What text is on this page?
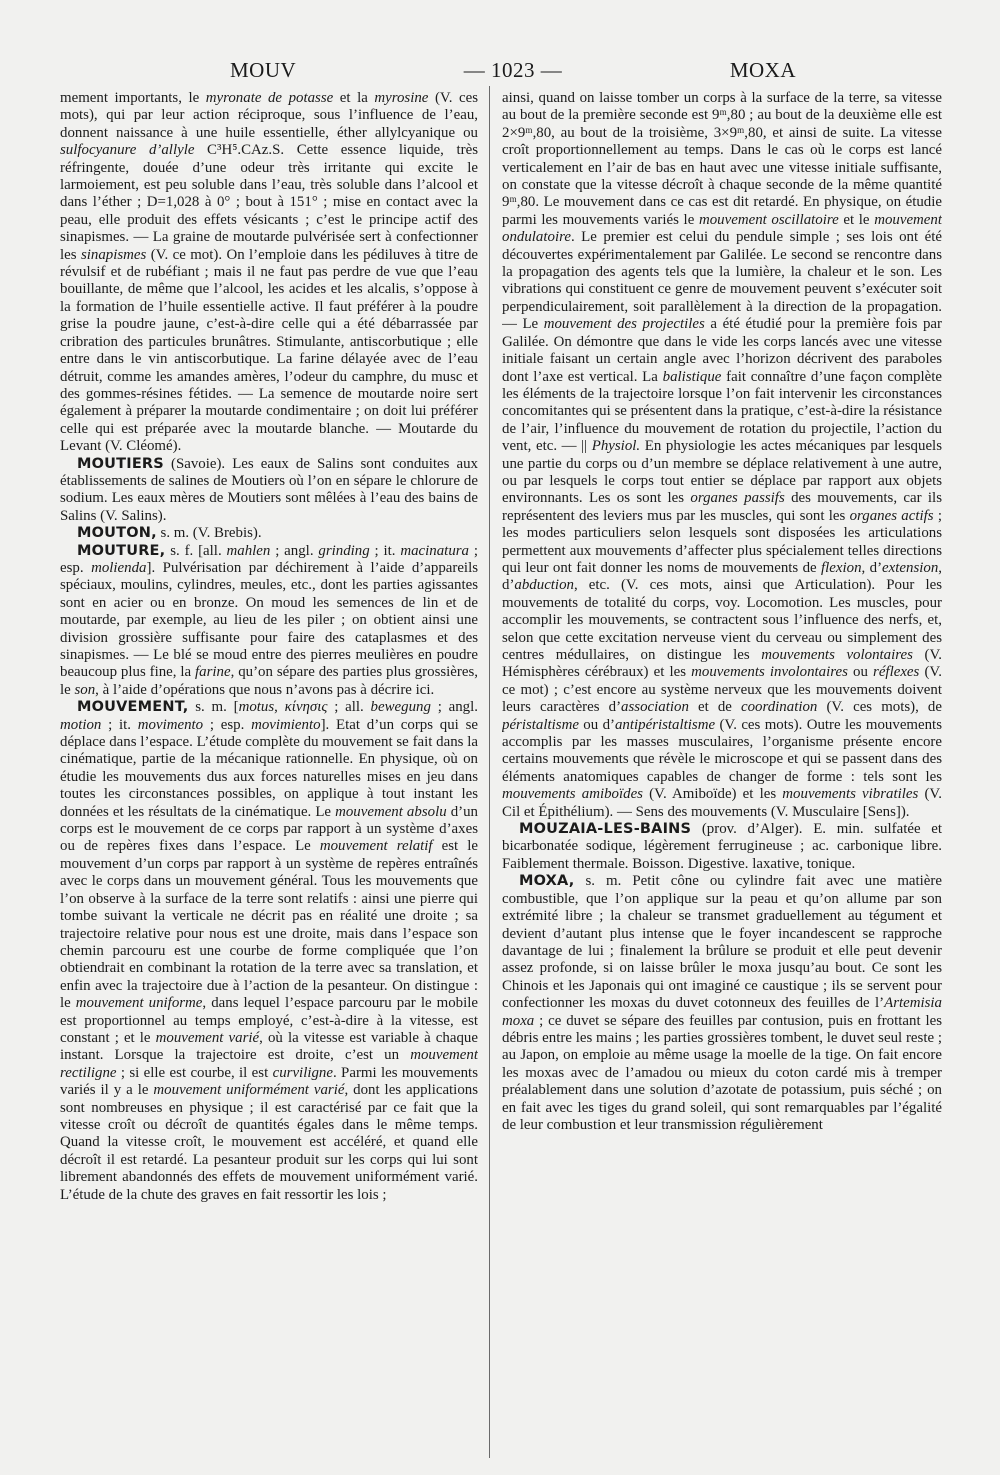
MOUV	— 1023 —	MOXA

mement importants, le myronate de potasse et la myrosine (V. ces mots), qui par leur action réciproque, sous l’influence de l’eau, donnent naissance à une huile essentielle, éther allylcyanique ou sulfocyanure d’allyle C³H⁵.CAz.S. Cette essence liquide, très réfringente, douée d’une odeur très irritante qui excite le larmoiement, est peu soluble dans l’eau, très soluble dans l’alcool et dans l’éther ; D=1,028 à 0° ; bout à 151° ; mise en contact avec la peau, elle produit des effets vésicants ; c’est le principe actif des sinapismes. — La graine de moutarde pulvérisée sert à confectionner les sinapismes (V. ce mot). On l’emploie dans les pédiluves à titre de révulsif et de rubéfiant ; mais il ne faut pas perdre de vue que l’eau bouillante, de même que l’alcool, les acides et les alcalis, s’oppose à la formation de l’huile essentielle active. Il faut préférer à la poudre grise la poudre jaune, c’est-à-dire celle qui a été débarrassée par cribration des particules brunâtres. Stimulante, antiscorbutique ; elle entre dans le vin antiscorbutique. La farine délayée avec de l’eau détruit, comme les amandes amères, l’odeur du camphre, du musc et des gommes-résines fétides. — La semence de moutarde noire sert également à préparer la moutarde condimentaire ; on doit lui préférer celle qui est préparée avec la moutarde blanche. — Moutarde du Levant (V. Cléomé).

MOUTIERS (Savoie). Les eaux de Salins sont conduites aux établissements de salines de Moutiers où l’on en sépare le chlorure de sodium. Les eaux mères de Moutiers sont mêlées à l’eau des bains de Salins (V. Salins).

MOUTON, s. m. (V. Brebis).

MOUTURE, s. f. [all. mahlen ; angl. grinding ; it. macinatura ; esp. molienda]. Pulvérisation par déchirement à l’aide d’appareils spéciaux, moulins, cylindres, meules, etc., dont les parties agissantes sont en acier ou en bronze. On moud les semences de lin et de moutarde, par exemple, au lieu de les piler ; on obtient ainsi une division grossière suffisante pour faire des cataplasmes et des sinapismes. — Le blé se moud entre des pierres meulières en poudre beaucoup plus fine, la farine, qu’on sépare des parties plus grossières, le son, à l’aide d’opérations que nous n’avons pas à décrire ici.

MOUVEMENT, s. m. [motus, κίνησις ; all. bewegung ; angl. motion ; it. movimento ; esp. movimiento]. Etat d’un corps qui se déplace dans l’espace. L’étude complète du mouvement se fait dans la cinématique, partie de la mécanique rationnelle. En physique, où on étudie les mouvements dus aux forces naturelles mises en jeu dans toutes les circonstances possibles, on applique à tout instant les données et les résultats de la cinématique. Le mouvement absolu d’un corps est le mouvement de ce corps par rapport à un système d’axes ou de repères fixes dans l’espace. Le mouvement relatif est le mouvement d’un corps par rapport à un système de repères entraînés avec le corps dans un mouvement général. Tous les mouvements que l’on observe à la surface de la terre sont relatifs : ainsi une pierre qui tombe suivant la verticale ne décrit pas en réalité une droite ; sa trajectoire relative pour nous est une droite, mais dans l’espace son chemin parcouru est une courbe de forme compliquée que l’on obtiendrait en combinant la rotation de la terre avec sa translation, et enfin avec la trajectoire due à l’action de la pesanteur. On distingue : le mouvement uniforme, dans lequel l’espace parcouru par le mobile est proportionnel au temps employé, c’est-à-dire à la vitesse, est constant ; et le mouvement varié, où la vitesse est variable à chaque instant. Lorsque la trajectoire est droite, c’est un mouvement rectiligne ; si elle est courbe, il est curviligne. Parmi les mouvements variés il y a le mouvement uniformément varié, dont les applications sont nombreuses en physique ; il est caractérisé par ce fait que la vitesse croît ou décroît de quantités égales dans le même temps. Quand la vitesse croît, le mouvement est accéléré, et quand elle décroît il est retardé. La pesanteur produit sur les corps qui lui sont librement abandonnés des effets de mouvement uniformément varié. L’étude de la chute des graves en fait ressortir les lois ;

ainsi, quand on laisse tomber un corps à la surface de la terre, sa vitesse au bout de la première seconde est 9ᵐ,80 ; au bout de la deuxième elle est 2×9ᵐ,80, au bout de la troisième, 3×9ᵐ,80, et ainsi de suite. La vitesse croît proportionnellement au temps. Dans le cas où le corps est lancé verticalement en l’air de bas en haut avec une vitesse initiale suffisante, on constate que la vitesse décroît à chaque seconde de la même quantité 9ᵐ,80. Le mouvement dans ce cas est dit retardé. En physique, on étudie parmi les mouvements variés le mouvement oscillatoire et le mouvement ondulatoire. Le premier est celui du pendule simple ; ses lois ont été découvertes expérimentalement par Galilée. Le second se rencontre dans la propagation des agents tels que la lumière, la chaleur et le son. Les vibrations qui constituent ce genre de mouvement peuvent s’exécuter soit perpendiculairement, soit parallèlement à la direction de la propagation. — Le mouvement des projectiles a été étudié pour la première fois par Galilée. On démontre que dans le vide les corps lancés avec une vitesse initiale faisant un certain angle avec l’horizon décrivent des paraboles dont l’axe est vertical. La balistique fait connaître d’une façon complète les éléments de la trajectoire lorsque l’on fait intervenir les circonstances concomitantes qui se présentent dans la pratique, c’est-à-dire la résistance de l’air, l’influence du mouvement de rotation du projectile, l’action du vent, etc. — || Physiol. En physiologie les actes mécaniques par lesquels une partie du corps ou d’un membre se déplace relativement à une autre, ou par lesquels le corps tout entier se déplace par rapport aux objets environnants. Les os sont les organes passifs des mouvements, car ils représentent des leviers mus par les muscles, qui sont les organes actifs ; les modes particuliers selon lesquels sont disposées les articulations permettent aux mouvements d’affecter plus spécialement telles directions qui leur ont fait donner les noms de mouvements de flexion, d’extension, d’abduction, etc. (V. ces mots, ainsi que Articulation). Pour les mouvements de totalité du corps, voy. Locomotion. Les muscles, pour accomplir les mouvements, se contractent sous l’influence des nerfs, et, selon que cette excitation nerveuse vient du cerveau ou simplement des centres médullaires, on distingue les mouvements volontaires (V. Hémisphères cérébraux) et les mouvements involontaires ou réflexes (V. ce mot) ; c’est encore au système nerveux que les mouvements doivent leurs caractères d’association et de coordination (V. ces mots), de péristaltisme ou d’antipéristaltisme (V. ces mots). Outre les mouvements accomplis par les masses musculaires, l’organisme présente encore certains mouvements que révèle le microscope et qui se passent dans des éléments anatomiques capables de changer de forme : tels sont les mouvements amiboïdes (V. Amiboïde) et les mouvements vibratiles (V. Cil et Épithélium). — Sens des mouvements (V. Musculaire [Sens]).

MOUZAIA-LES-BAINS (prov. d’Alger). E. min. sulfatée et bicarbonatée sodique, légèrement ferrugineuse ; ac. carbonique libre. Faiblement thermale. Boisson. Digestive. laxative, tonique.

MOXA, s. m. Petit cône ou cylindre fait avec une matière combustible, que l’on applique sur la peau et qu’on allume par son extrémité libre ; la chaleur se transmet graduellement au tégument et devient d’autant plus intense que le foyer incandescent se rapproche davantage de lui ; finalement la brûlure se produit et elle peut devenir assez profonde, si on laisse brûler le moxa jusqu’au bout. Ce sont les Chinois et les Japonais qui ont imaginé ce caustique ; ils se servent pour confectionner les moxas du duvet cotonneux des feuilles de l’Artemisia moxa ; ce duvet se sépare des feuilles par contusion, puis en frottant les débris entre les mains ; les parties grossières tombent, le duvet seul reste ; au Japon, on emploie au même usage la moelle de la tige. On fait encore les moxas avec de l’amadou ou mieux du coton cardé mis à tremper préalablement dans une solution d’azotate de potassium, puis séché ; on en fait avec les tiges du grand soleil, qui sont remarquables par l’égalité de leur combustion et leur transmission régulièrement
